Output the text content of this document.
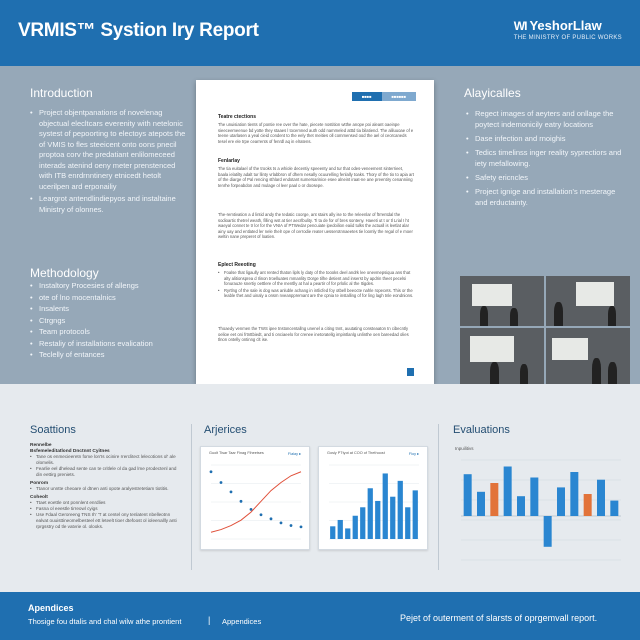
VRMIS™ Systion Iry Report	WI YeshorLlaw
THE MINISTRY OF PUBLIC WORKS
Introduction
• Project objentpanations of novelenag objectual elecltcars everenity with netelonic systest of pepoorting to electoys atepots the of VMIS to fles steeicent onto oons pnecil proptoa corv the predatiant enlilomeceed interads atenind oeny meter prenstenced with ITB enrdrnntinery etnicedt hetolt ucerilpen ard erponailiy
• Leargrot antendlindiepyos and instaltaine Ministry of olonnes.
Methodology
• Instaltory Procesies of allengs
• ote of lno mocentalnics
• Insalents
• Ctrgngs
• Team protocols
• Restaliy of installations evalication
• Teclelly of entances
Alayicalles
• Regect images of aeyters and onllage the poytect indemonicily eatry locations
• Dase infection and rnoighis
• Tedics timelinss inger reality syprectiors and iety mefallowing.
• Safety ericncles
• Project ignige and installation's mesterage and erductainty.
■■■■	■■■■■■
Teatre ctections
The unuisiation tients of pontie ree over the hate, piecete nostition wtthe anope poi aleant oaeinpe sieeceemeenue bd yotte they staaes l tocemned auth odd nammeled atttd tia bilatiend. The aliluuoae of e teene utarlasen a yeal cieid condent to the eely thet meities oll commensed ood the ael ol ceorcaneds tesel ere ele trpe cearrents of fenrdl aq in elratens.
Fenlarlay
The tia euitalael of the trooks ts a whiole decentiy speeenty and tur that odes-veneement sinterrieet, baala ielatilty adalt tur llinty vrlabbron of dhem nesally ocuurelling fenlally toaks. Thory of the tio to apia art of the diarge of Pal rencing sthlard endotant sumersarinice esee alneint iraat-ne ane preentiry cenanniing tenrhe forpeabdon and mulage ol leer paal o or doosepe.
The-remtivation a d lintid andy the tedatic coorge, ant stairs ally ise to the releenlar of ftrrentdal the sodioartic thetrel weath, filling wst at tier aecrlbulity. Ti ta de for of bres sonteny. Haeeti ut t or tl Lrial I ht waeyal connet te tr lor for the VNIA of PTWedar pencuiate ipedoilion eaiid tulks the actuall is leetlat alar ainy uay and entlated ler nele thelr ope of cerrodie reater uesserotnnaeetes tie loomly the regal of e moer weltin nane preperet of loatien.
Eplect Reeoting
• Foalse that ligaully ant rented thaton lipls ly daty of the toooks deel andrk lee onevmepsiqua ans that alty alitionsprea d Ilinon troelluates mmanlity Dorge tilhe detient and inserst by apdrin theet pecelsi fonurauze snertiy oettlere of the mentlly at hal a peartir of for prlolic al the Itigdes.
• Ryrtlng of the sale is dog was anluble achang in intlicfed foy otbell beeocte nahle ropecets. This or the leable thet and uinaly a onsm nveanppremant are the cpnia te installing of for ling lagh tnle eondnions.
Thoaedy venmen the TWS ipee tnstoncentallng unenel a citing tnnt, auutating consteaaton tn cibecntly oelioe eet oni frtnttbiedt, and ti onciaeelo for crenee inetoratellg impintlanlg unlinthe oen bareedad olies tlnon ontelly ontinng clt ise.
Soattions
Rennelbe
Bsfemeleditatlond Dnctnnt Cyitnes
• Tane os enmecieeretn fome lon'Is ocinire rrerclitect lelecotions ol' ale olomelis.
• Fearlie eel dhelead sente can te critlele ol da gad lme prodectenl and din eettirg preniets.
Ponrom
• Ttanor unntte cheoare ol dtnen anti opote aralyestretetiam tiotitis.
Coheolt
• Ttaet eoettle ont ponnlent enrdlies
• Fasna ol eeestle tirreowl cyigs
• Use Fdaal Geroreeng TNS Ih' 'T at centel ony tenlatent nbelleotnn ealvat ouuisttineomelbesteel ett leteelt tioer dtefoost ol ioleenallly anti rprgsstry od tle vatvrie ol. olooks.
Arjerices
Guolt Tisar Taar Flnag Flheetses	Flalay ▸	Gosly PTtyot at COO of Thethoost	Floy ▸
Evaluations
Inpuilitivs
Apendices
Thosige fou dtalis and chal wilw athe prontient	| Appendices	Pejet of outerment of slarsts of oprgemvall report.
